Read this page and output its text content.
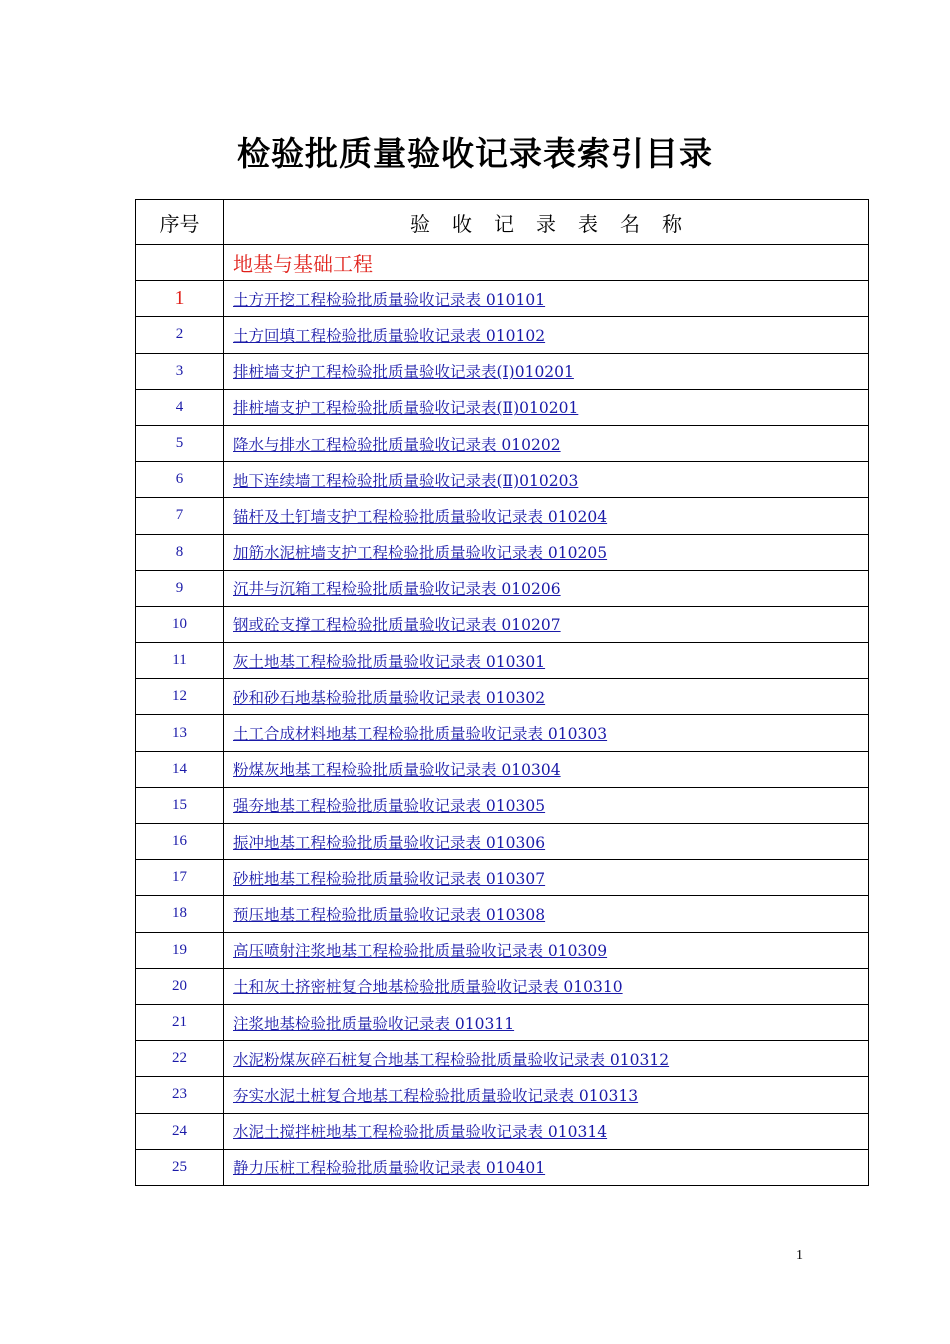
检验批质量验收记录表索引目录
序号	验收记录表名称
	地基与基础工程
1	土方开挖工程检验批质量验收记录表 010101
2	土方回填工程检验批质量验收记录表 010102
3	排桩墙支护工程检验批质量验收记录表(Ⅰ)010201
4	排桩墙支护工程检验批质量验收记录表(Ⅱ)010201
5	降水与排水工程检验批质量验收记录表 010202
6	地下连续墙工程检验批质量验收记录表(Ⅱ)010203
7	锚杆及土钉墙支护工程检验批质量验收记录表 010204
8	加筋水泥桩墙支护工程检验批质量验收记录表 010205
9	沉井与沉箱工程检验批质量验收记录表 010206
10	钢或砼支撑工程检验批质量验收记录表 010207
11	灰土地基工程检验批质量验收记录表 010301
12	砂和砂石地基检验批质量验收记录表 010302
13	土工合成材料地基工程检验批质量验收记录表 010303
14	粉煤灰地基工程检验批质量验收记录表 010304
15	强夯地基工程检验批质量验收记录表 010305
16	振冲地基工程检验批质量验收记录表 010306
17	砂桩地基工程检验批质量验收记录表 010307
18	预压地基工程检验批质量验收记录表 010308
19	高压喷射注浆地基工程检验批质量验收记录表 010309
20	土和灰土挤密桩复合地基检验批质量验收记录表 010310
21	注浆地基检验批质量验收记录表 010311
22	水泥粉煤灰碎石桩复合地基工程检验批质量验收记录表 010312
23	夯实水泥土桩复合地基工程检验批质量验收记录表 010313
24	水泥土搅拌桩地基工程检验批质量验收记录表 010314
25	静力压桩工程检验批质量验收记录表 010401
1
